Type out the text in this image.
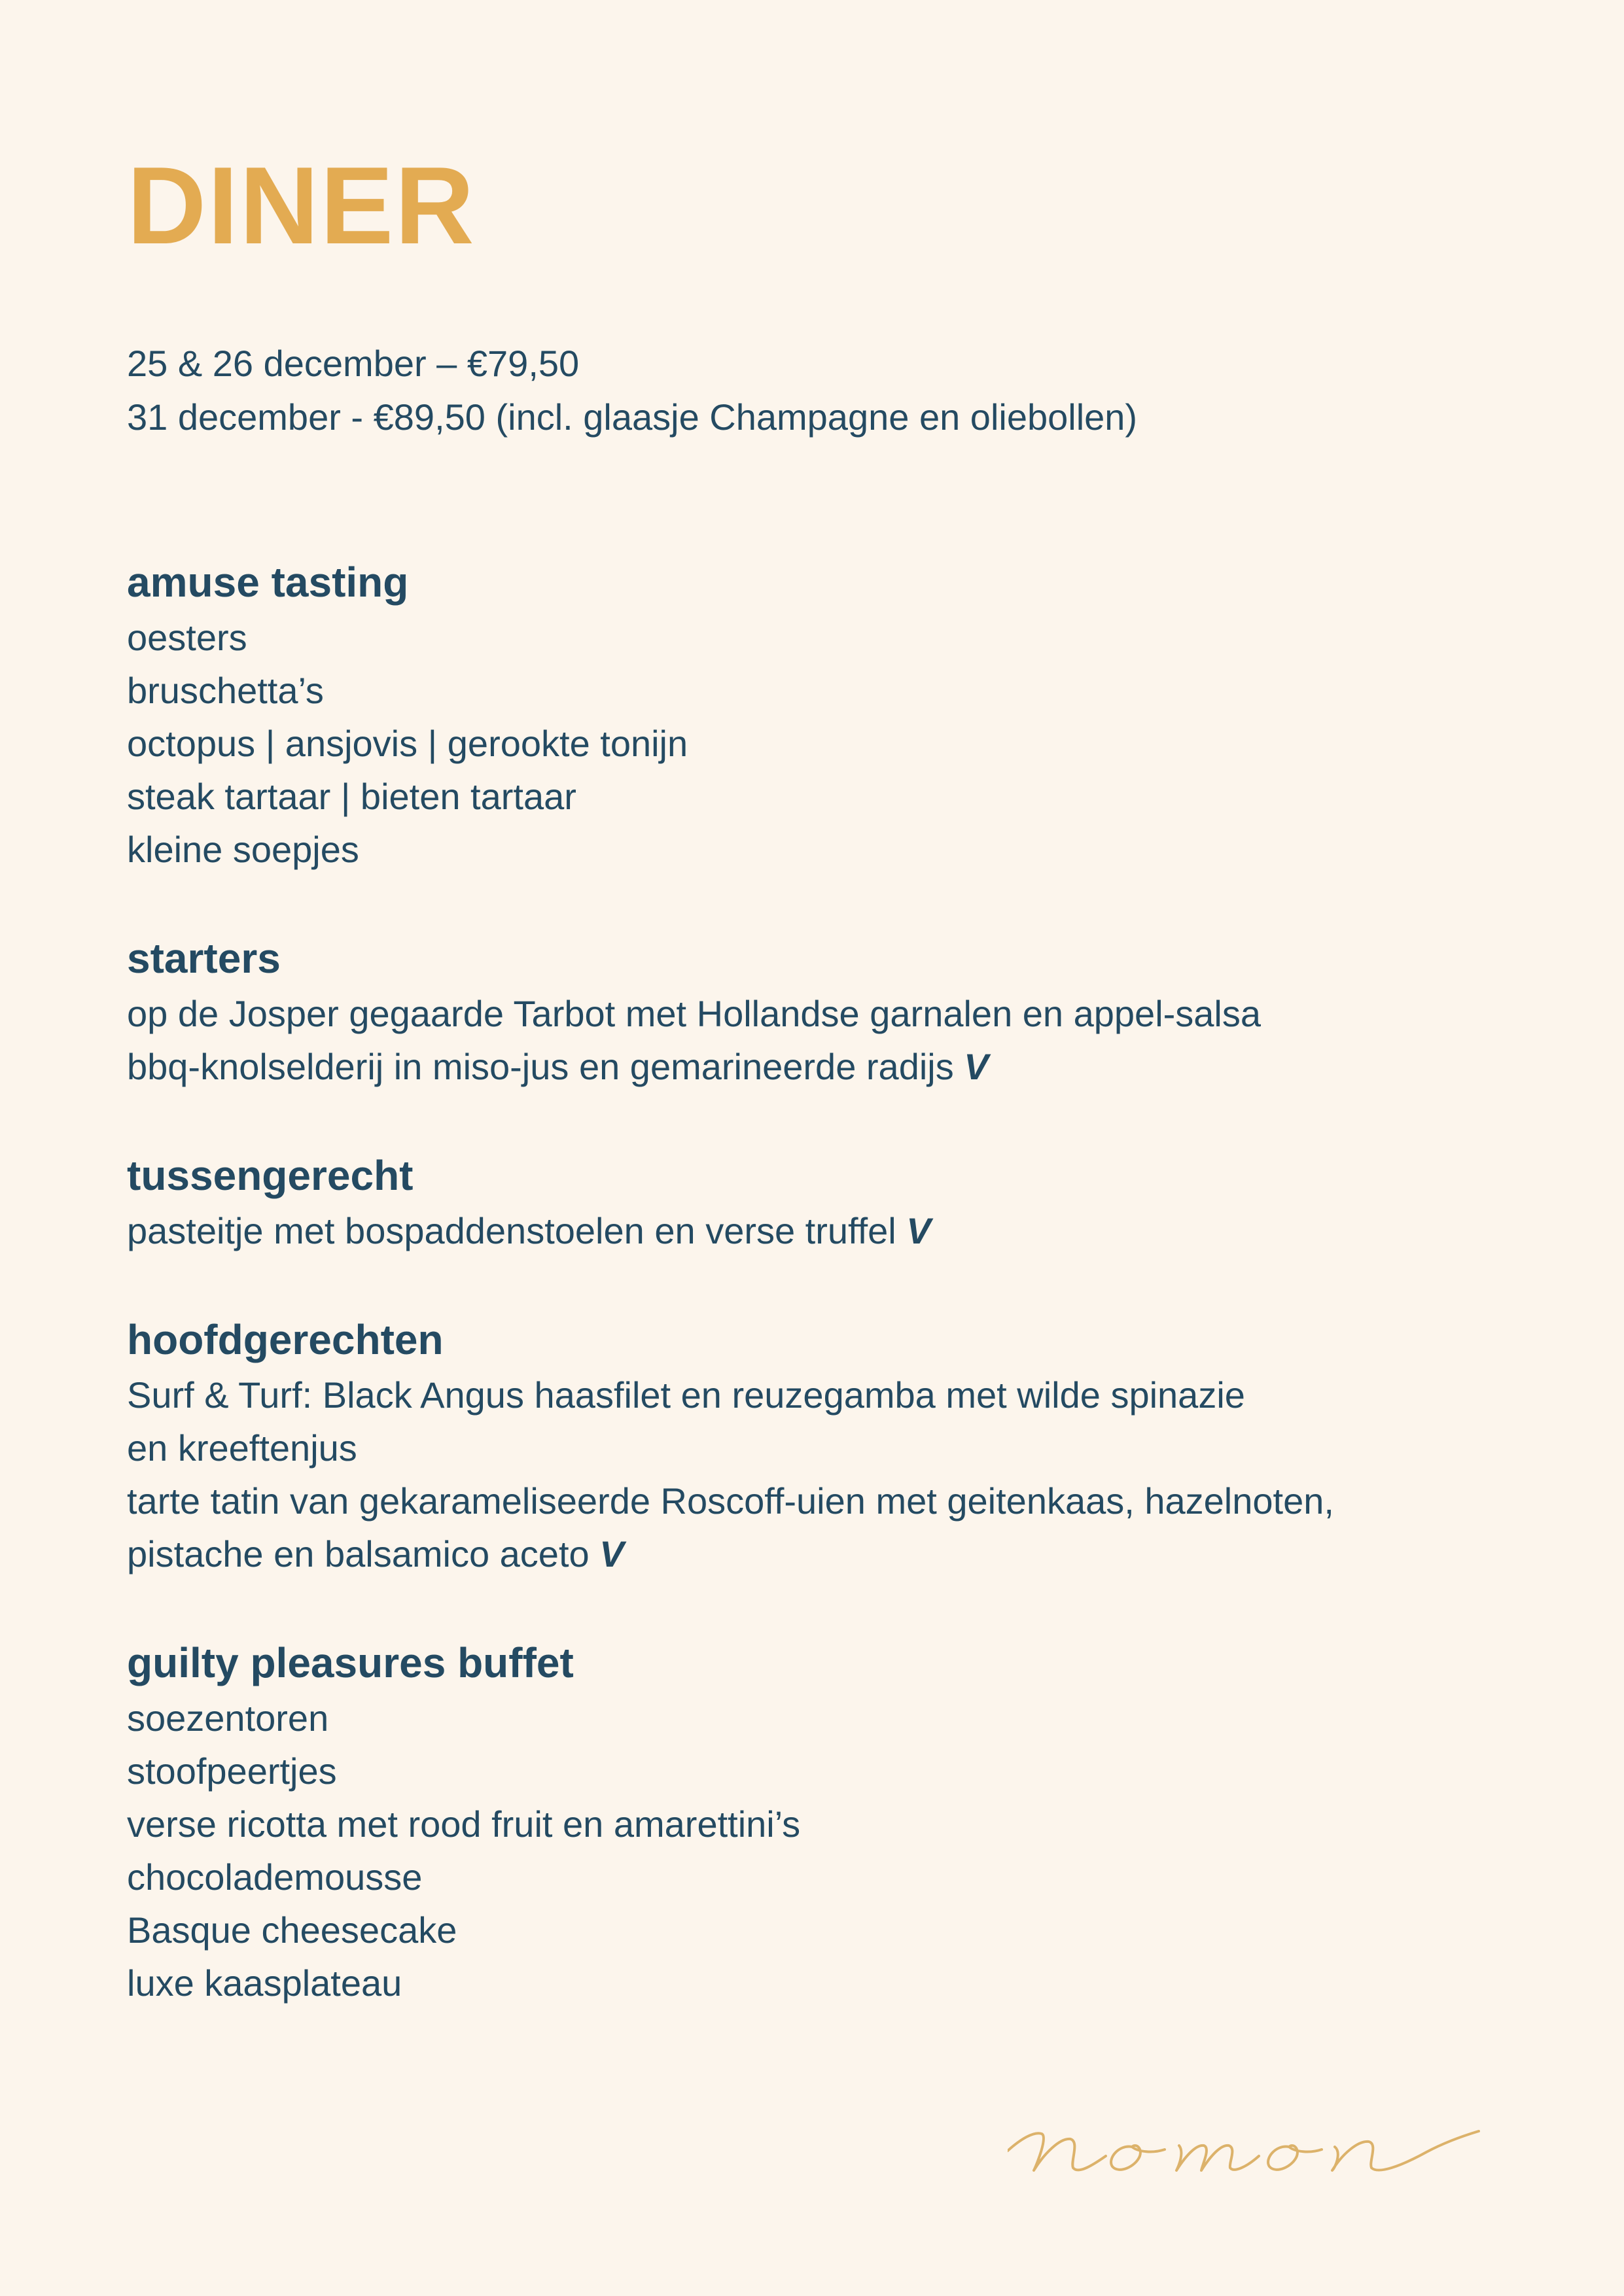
DINER
25 & 26 december – €79,50
31 december - €89,50 (incl. glaasje Champagne en oliebollen)
amuse tasting
oesters
bruschetta’s
octopus | ansjovis | gerookte tonijn
steak tartaar | bieten tartaar
kleine soepjes
starters
op de Josper gegaarde Tarbot met Hollandse garnalen en appel-salsa
bbq-knolselderij in miso-jus en gemarineerde radijs V
tussengerecht
pasteitje met bospaddenstoelen en verse truffel V
hoofdgerechten
Surf & Turf: Black Angus haasfilet en reuzegamba met wilde spinazie
en kreeftenjus
tarte tatin van gekarameliseerde Roscoff-uien met geitenkaas, hazelnoten,
pistache en balsamico aceto V
guilty pleasures buffet
soezentoren
stoofpeertjes
verse ricotta met rood fruit en amarettini’s
chocolademousse
Basque cheesecake
luxe kaasplateau
